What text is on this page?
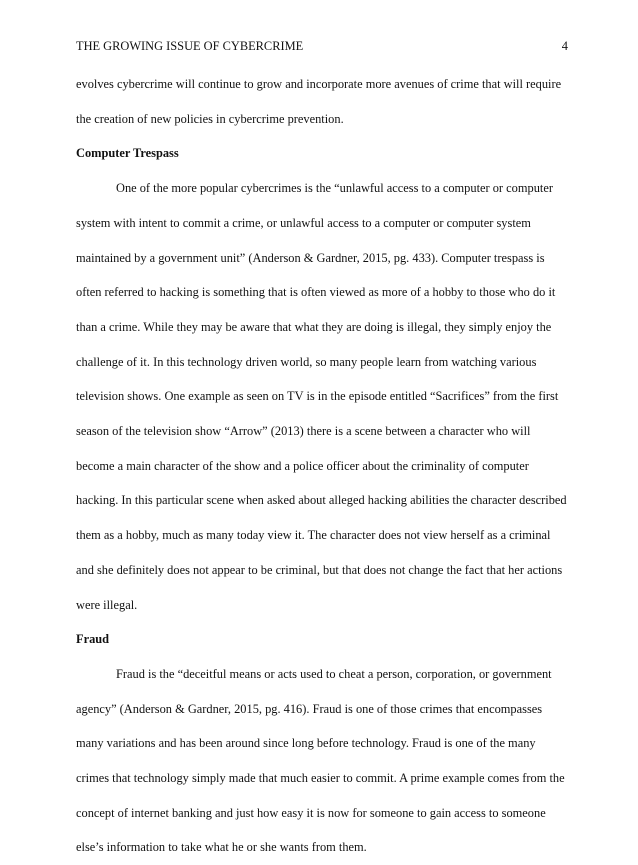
THE GROWING ISSUE OF CYBERCRIME	4

evolves cybercrime will continue to grow and incorporate more avenues of crime that will require the creation of new policies in cybercrime prevention.

Computer Trespass

One of the more popular cybercrimes is the “unlawful access to a computer or computer system with intent to commit a crime, or unlawful access to a computer or computer system maintained by a government unit” (Anderson & Gardner, 2015, pg. 433). Computer trespass is often referred to hacking is something that is often viewed as more of a hobby to those who do it than a crime. While they may be aware that what they are doing is illegal, they simply enjoy the challenge of it. In this technology driven world, so many people learn from watching various television shows. One example as seen on TV is in the episode entitled “Sacrifices” from the first season of the television show “Arrow” (2013) there is a scene between a character who will become a main character of the show and a police officer about the criminality of computer hacking. In this particular scene when asked about alleged hacking abilities the character described them as a hobby, much as many today view it. The character does not view herself as a criminal and she definitely does not appear to be criminal, but that does not change the fact that her actions were illegal.

Fraud

Fraud is the “deceitful means or acts used to cheat a person, corporation, or government agency” (Anderson & Gardner, 2015, pg. 416). Fraud is one of those crimes that encompasses many variations and has been around since long before technology. Fraud is one of the many crimes that technology simply made that much easier to commit. A prime example comes from the concept of internet banking and just how easy it is now for someone to gain access to someone else’s information to take what he or she wants from them.
